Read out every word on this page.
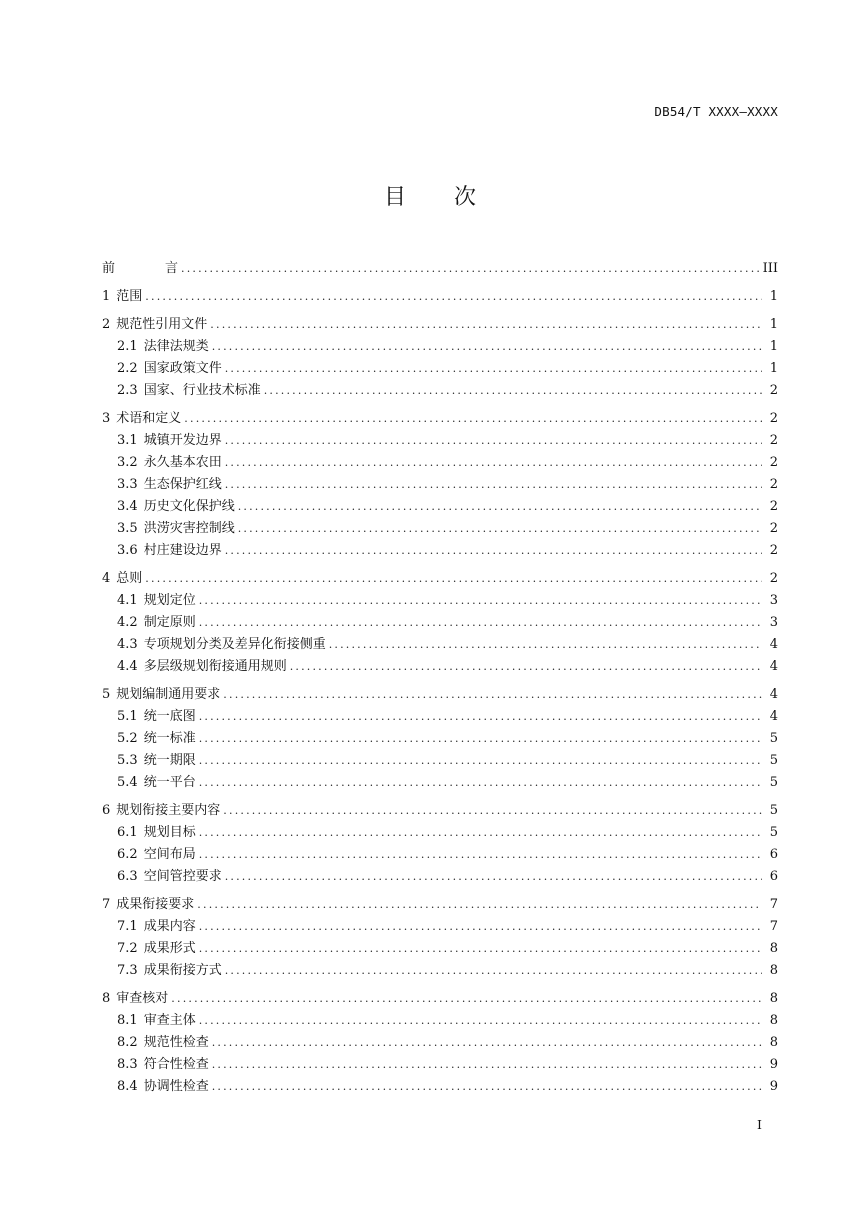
DB54/T XXXX—XXXX
目次
前言 .....	III
1 范围 .....	1
2 规范性引用文件 .....	1
2.1 法律法规类 .....	1
2.2 国家政策文件 .....	1
2.3 国家、行业技术标准 .....	2
3 术语和定义 .....	2
3.1 城镇开发边界 .....	2
3.2 永久基本农田 .....	2
3.3 生态保护红线 .....	2
3.4 历史文化保护线 .....	2
3.5 洪涝灾害控制线 .....	2
3.6 村庄建设边界 .....	2
4 总则 .....	2
4.1 规划定位 .....	3
4.2 制定原则 .....	3
4.3 专项规划分类及差异化衔接侧重 .....	4
4.4 多层级规划衔接通用规则 .....	4
5 规划编制通用要求 .....	4
5.1 统一底图 .....	4
5.2 统一标准 .....	5
5.3 统一期限 .....	5
5.4 统一平台 .....	5
6 规划衔接主要内容 .....	5
6.1 规划目标 .....	5
6.2 空间布局 .....	6
6.3 空间管控要求 .....	6
7 成果衔接要求 .....	7
7.1 成果内容 .....	7
7.2 成果形式 .....	8
7.3 成果衔接方式 .....	8
8 审查核对 .....	8
8.1 审查主体 .....	8
8.2 规范性检查 .....	8
8.3 符合性检查 .....	9
8.4 协调性检查 .....	9
I
